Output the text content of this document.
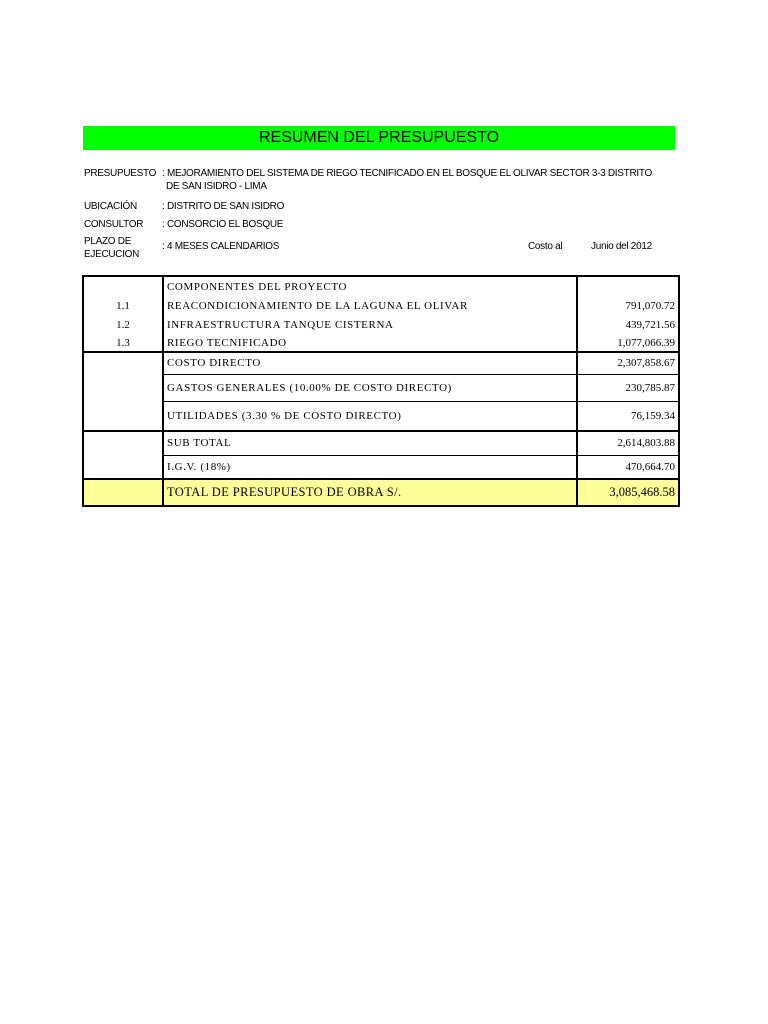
RESUMEN DEL PRESUPUESTO
PRESUPUESTO : MEJORAMIENTO DEL SISTEMA DE RIEGO TECNIFICADO EN EL BOSQUE EL OLIVAR SECTOR 3-3 DISTRITO
DE SAN ISIDRO - LIMA
UBICACIÓN	: DISTRITO DE SAN ISIDRO
CONSULTOR : CONSORCIO EL BOSQUE
PLAZO DE
EJECUCION
: 4 MESES CALENDARIOS	Costo al	Junio del 2012
	COMPONENTES DEL PROYECTO	
1.1	REACONDICIONAMIENTO DE LA LAGUNA EL OLIVAR	791,070.72
1.2	INFRAESTRUCTURA TANQUE CISTERNA	439,721.56
1.3	RIEGO TECNIFICADO	1,077,066.39
	COSTO DIRECTO	2,307,858.67
	GASTOS GENERALES (10.00% DE COSTO DIRECTO)	230,785.87
	UTILIDADES (3.30 % DE COSTO DIRECTO)	76,159.34
	SUB TOTAL	2,614,803.88
	I.G.V. (18%)	470,664.70
	TOTAL DE PRESUPUESTO DE OBRA S/.	3,085,468.58
